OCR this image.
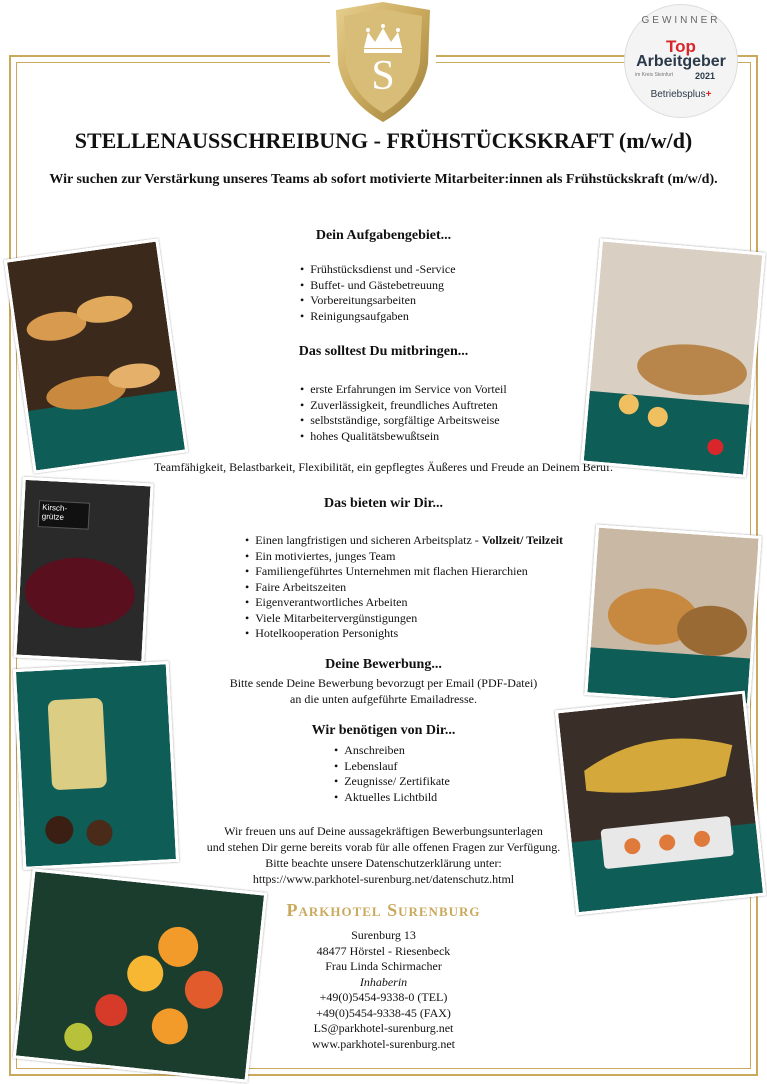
S
GEWINNER
Top
Arbeitgeber
im Kreis Steinfurt 2021
Betriebsplus+
STELLENAUSSCHREIBUNG - FRÜHSTÜCKSKRAFT (m/w/d)

Wir suchen zur Verstärkung unseres Teams ab sofort motivierte Mitarbeiter:innen als Frühstückskraft (m/w/d).

Dein Aufgabengebiet...
• Frühstücksdienst und -Service
• Buffet- und Gästebetreuung
• Vorbereitungsarbeiten
• Reinigungsaufgaben
Das solltest Du mitbringen...
• erste Erfahrungen im Service von Vorteil
• Zuverlässigkeit, freundliches Auftreten
• selbstständige, sorgfältige Arbeitsweise
• hohes Qualitätsbewußtsein

Teamfähigkeit, Belastbarkeit, Flexibilität, ein gepflegtes Äußeres und Freude an Deinem Beruf.

Das bieten wir Dir...
• Einen langfristigen und sicheren Arbeitsplatz - Vollzeit/ Teilzeit
• Ein motiviertes, junges Team
• Familiengeführtes Unternehmen mit flachen Hierarchien
• Faire Arbeitszeiten
• Eigenverantwortliches Arbeiten
• Viele Mitarbeitervergünstigungen
• Hotelkooperation Personights
Deine Bewerbung...

Bitte sende Deine Bewerbung bevorzugt per Email (PDF-Datei)
an die unten aufgeführte Emailadresse.

Wir benötigen von Dir...
• Anschreiben
• Lebenslauf
• Zeugnisse/ Zertifikate
• Aktuelles Lichtbild

Wir freuen uns auf Deine aussagekräftigen Bewerbungsunterlagen
und stehen Dir gerne bereits vorab für alle offenen Fragen zur Verfügung.
Bitte beachte unsere Datenschutzerklärung unter:
https://www.parkhotel-surenburg.net/datenschutz.html

Parkhotel Surenburg
Surenburg 13
48477 Hörstel - Riesenbeck
Frau Linda Schirmacher
Inhaberin
+49(0)5454-9338-0 (TEL)
+49(0)5454-9338-45 (FAX)
LS@parkhotel-surenburg.net
www.parkhotel-surenburg.net
Kirsch-
grütze
